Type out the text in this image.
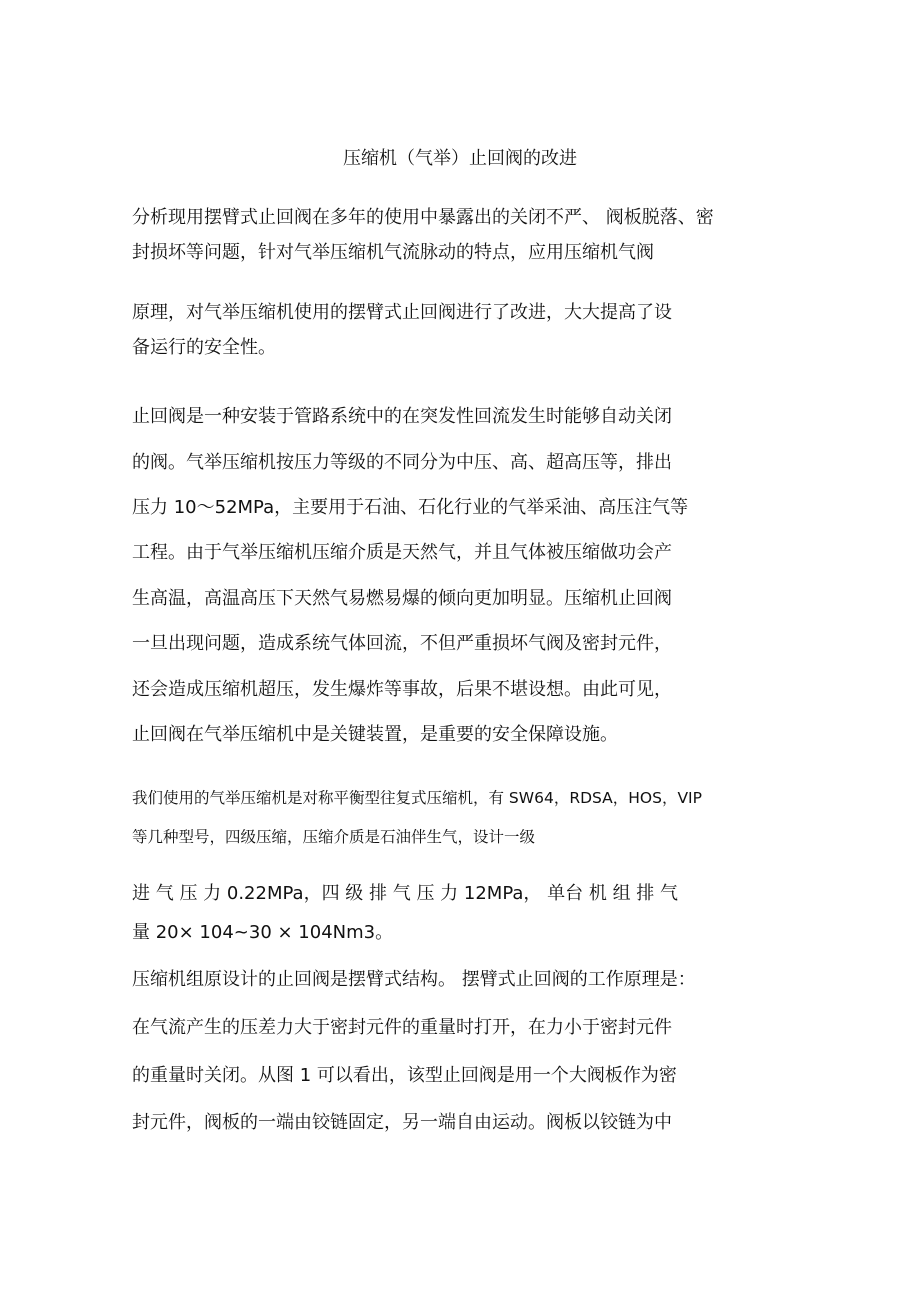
压缩机（气举）止回阀的改进
分析现用摆臂式止回阀在多年的使用中暴露出的关闭不严、 阀板脱落、密
封损坏等问题，针对气举压缩机气流脉动的特点，应用压缩机气阀
原理，对气举压缩机使用的摆臂式止回阀进行了改进，大大提高了设
备运行的安全性。
止回阀是一种安装于管路系统中的在突发性回流发生时能够自动关闭
的阀。气举压缩机按压力等级的不同分为中压、高、超高压等，排出
压力 10～52MPa，主要用于石油、石化行业的气举采油、高压注气等
工程。由于气举压缩机压缩介质是天然气，并且气体被压缩做功会产
生高温，高温高压下天然气易燃易爆的倾向更加明显。压缩机止回阀
一旦出现问题，造成系统气体回流，不但严重损坏气阀及密封元件，
还会造成压缩机超压，发生爆炸等事故，后果不堪设想。由此可见，
止回阀在气举压缩机中是关键装置，是重要的安全保障设施。
我们使用的气举压缩机是对称平衡型往复式压缩机，有 SW64，RDSA，HOS，VIP
等几种型号，四级压缩，压缩介质是石油伴生气，设计一级
进 气 压 力 0.22MPa，四 级 排 气 压 力 12MPa， 单台 机 组 排 气
量 20× 104~30 × 104Nm3。
压缩机组原设计的止回阀是摆臂式结构。 摆臂式止回阀的工作原理是：
在气流产生的压差力大于密封元件的重量时打开，在力小于密封元件
的重量时关闭。从图 1 可以看出，该型止回阀是用一个大阀板作为密
封元件，阀板的一端由铰链固定，另一端自由运动。阀板以铰链为中
